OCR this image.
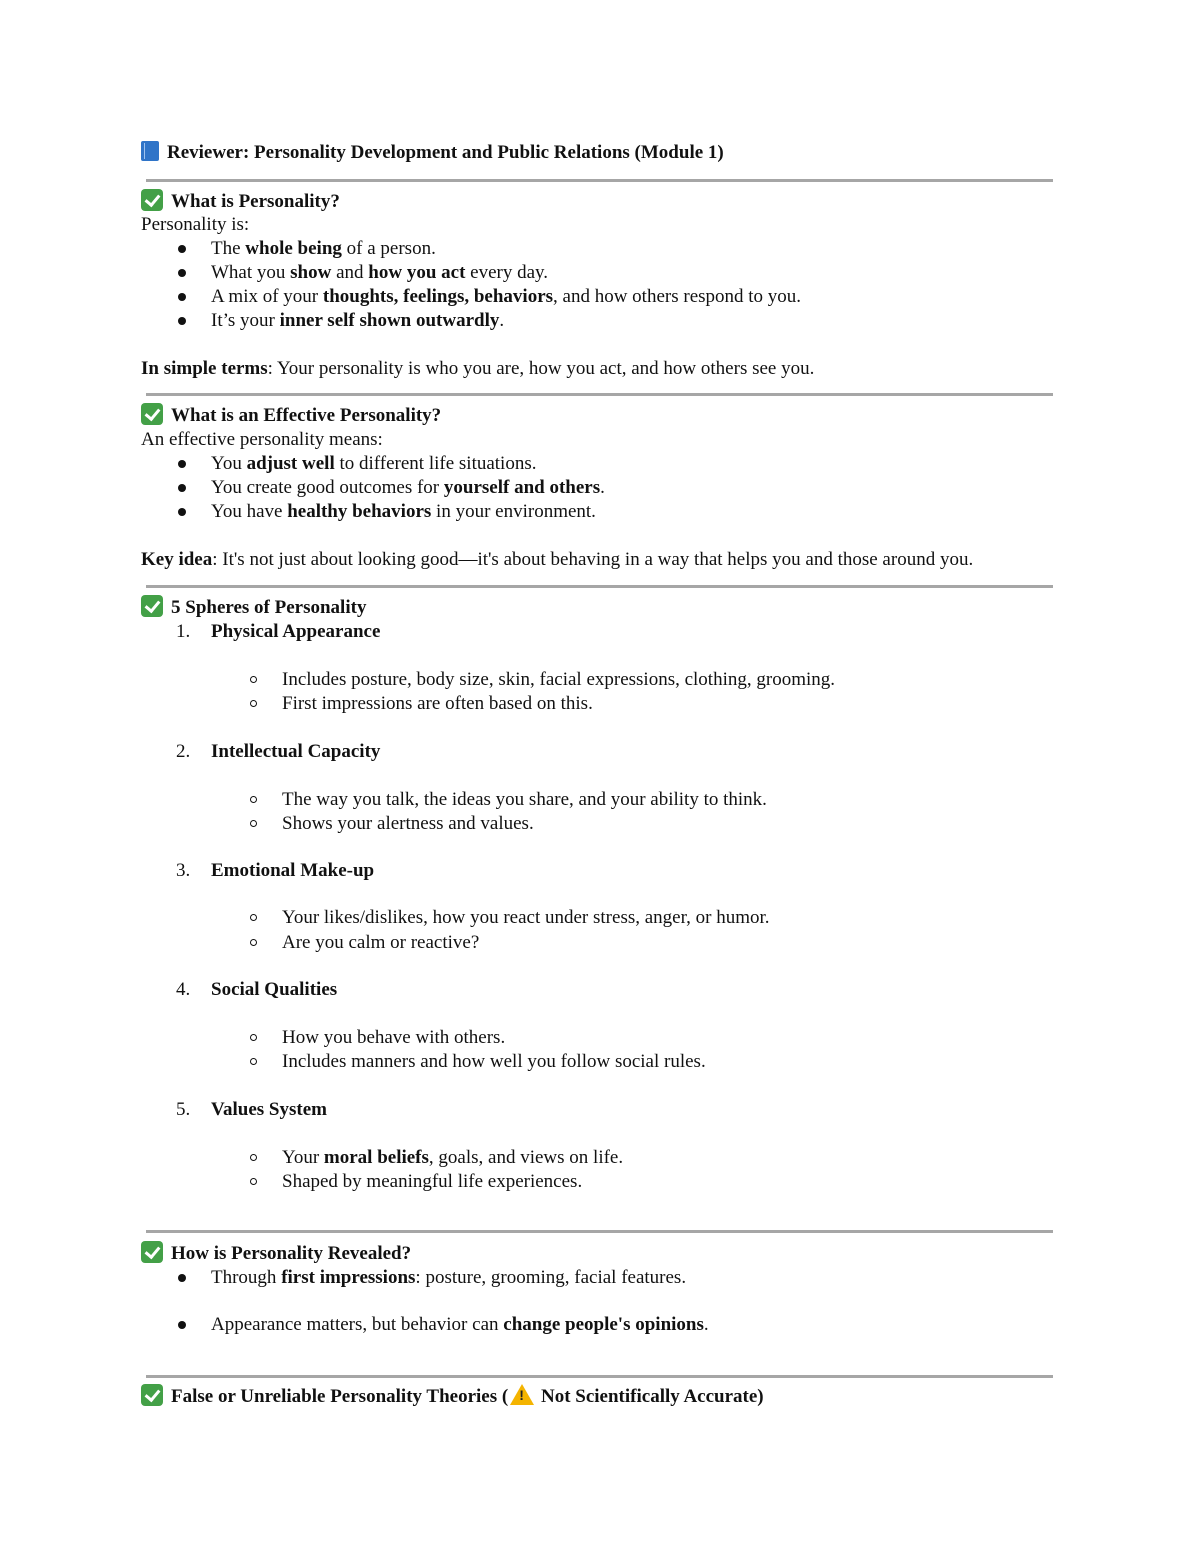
Reviewer: Personality Development and Public Relations (Module 1)
What is Personality?
Personality is:
The whole being of a person.
What you show and how you act every day.
A mix of your thoughts, feelings, behaviors, and how others respond to you.
It’s your inner self shown outwardly.
In simple terms: Your personality is who you are, how you act, and how others see you.
What is an Effective Personality?
An effective personality means:
You adjust well to different life situations.
You create good outcomes for yourself and others.
You have healthy behaviors in your environment.
Key idea: It's not just about looking good—it's about behaving in a way that helps you and those around you.
5 Spheres of Personality
1. Physical Appearance
Includes posture, body size, skin, facial expressions, clothing, grooming.
First impressions are often based on this.
2. Intellectual Capacity
The way you talk, the ideas you share, and your ability to think.
Shows your alertness and values.
3. Emotional Make-up
Your likes/dislikes, how you react under stress, anger, or humor.
Are you calm or reactive?
4. Social Qualities
How you behave with others.
Includes manners and how well you follow social rules.
5. Values System
Your moral beliefs, goals, and views on life.
Shaped by meaningful life experiences.
How is Personality Revealed?
Through first impressions: posture, grooming, facial features.
Appearance matters, but behavior can change people's opinions.
False or Unreliable Personality Theories (! Not Scientifically Accurate)
